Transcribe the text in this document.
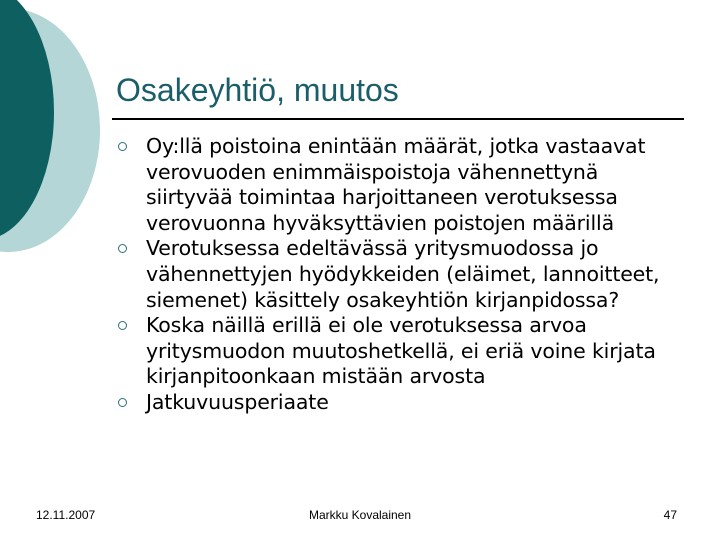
Osakeyhtiö, muutos
Oy:llä poistoina enintään määrät, jotka vastaavat verovuoden enimmäispoistoja vähennettynä siirtyvää toimintaa harjoittaneen verotuksessa verovuonna hyväksyttävien poistojen määrillä
Verotuksessa edeltävässä yritysmuodossa jo vähennettyjen hyödykkeiden (eläimet, lannoitteet, siemenet) käsittely osakeyhtiön kirjanpidossa?
Koska näillä erillä ei ole verotuksessa arvoa yritysmuodon muutoshetkellä, ei eriä voine kirjata kirjanpitoonkaan mistään arvosta
Jatkuvuusperiaate
12.11.2007	Markku Kovalainen	47
